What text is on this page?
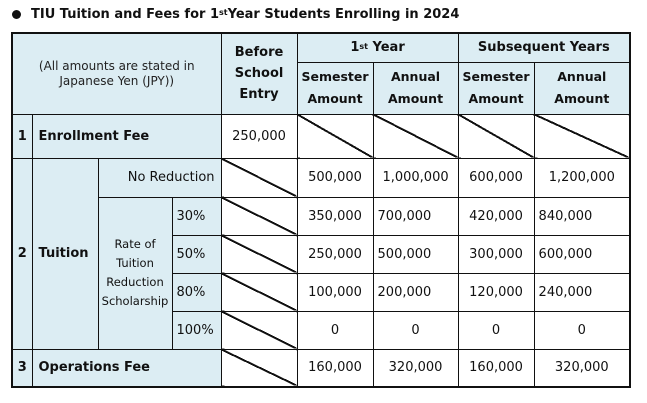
TIU Tuition and Fees for 1st Year Students Enrolling in 2024
(All amounts are stated in Japanese Yen (JPY))				Before School Entry	1st Year		Subsequent Years	

					Semester Amount	Annual Amount	Semester Amount	Annual Amount

1	Enrollment Fee			250,000				
2	Tuition	No Reduction			500,000	1,000,000	600,000	1,200,000

		Rate of Tuition Reduction Scholarship	30%		350,000	700,000	420,000	840,000
			50%		250,000	500,000	300,000	600,000
			80%		100,000	200,000	120,000	240,000
			100%		0	0	0	0
3	Operations Fee				160,000	320,000	160,000	320,000
